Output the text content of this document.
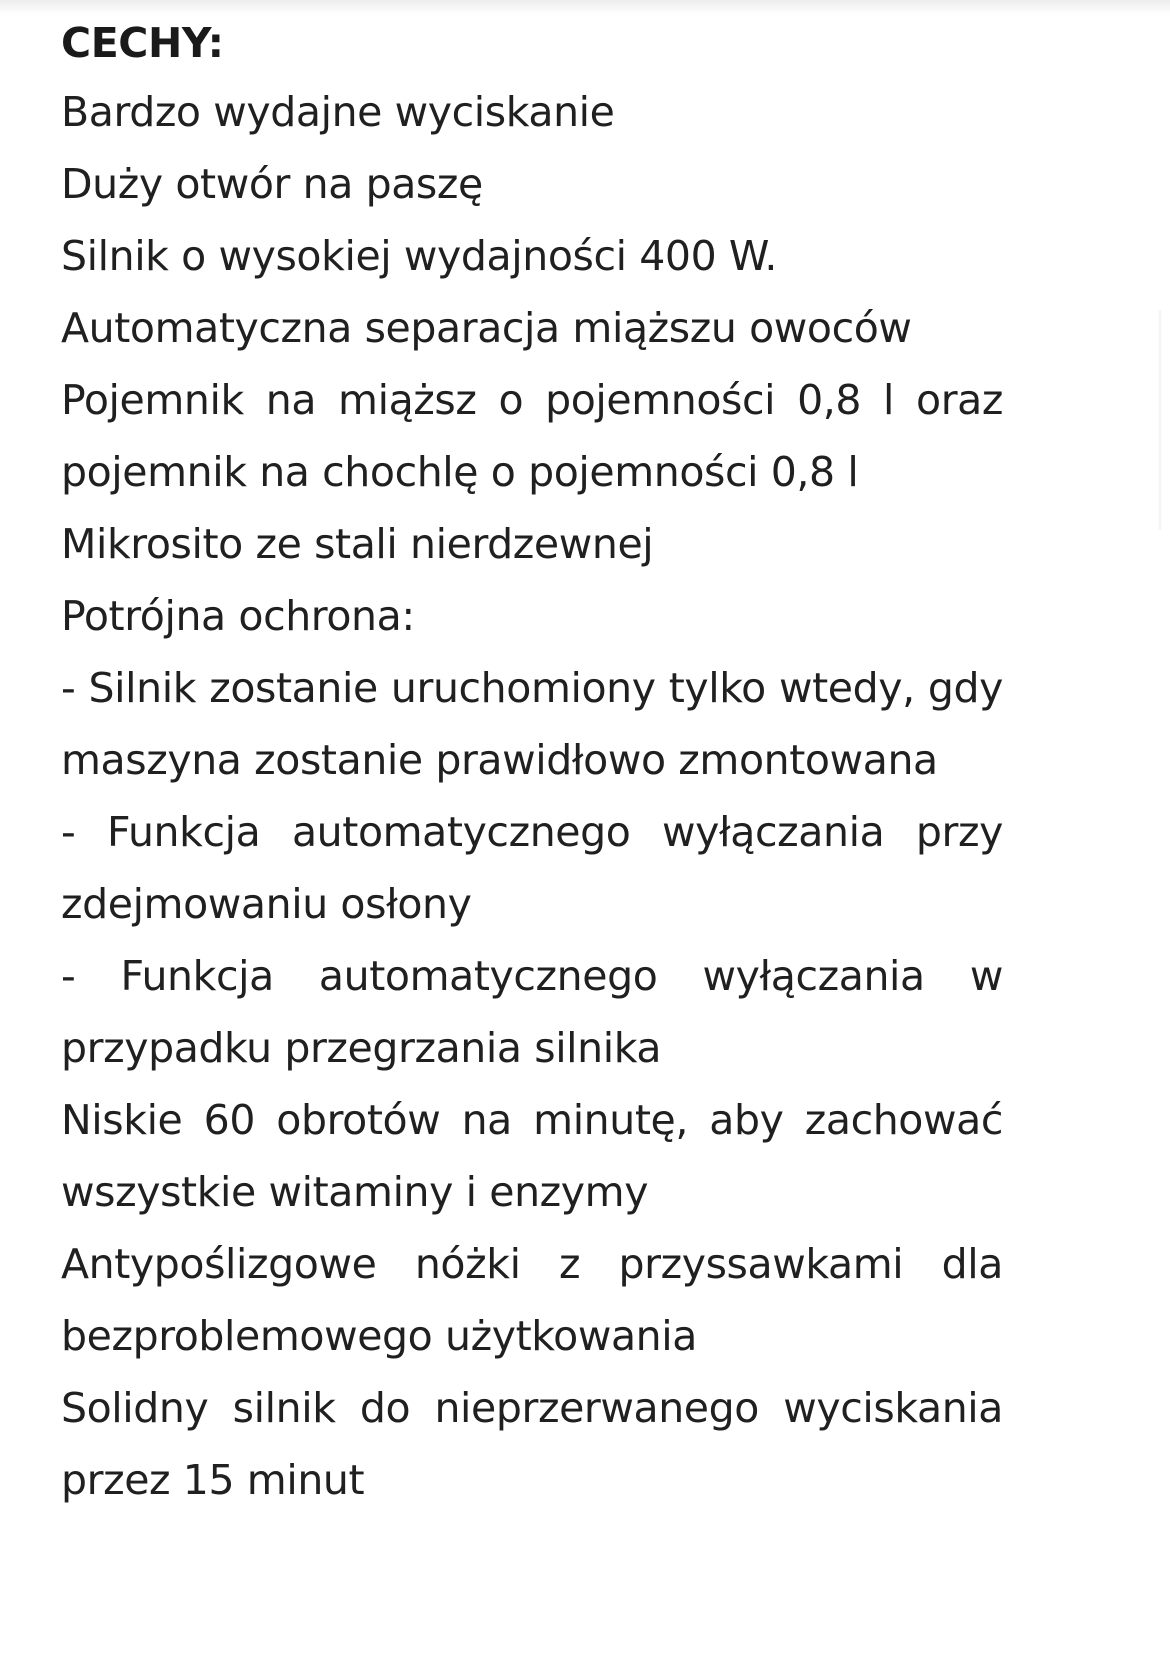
CECHY:

Bardzo wydajne wyciskanie

Duży otwór na paszę

Silnik o wysokiej wydajności 400 W.

Automatyczna separacja miąższu owoców

Pojemnik na miąższ o pojemności 0,8 l oraz pojemnik na chochlę o pojemności 0,8 l

Mikrosito ze stali nierdzewnej

Potrójna ochrona:

- Silnik zostanie uruchomiony tylko wtedy, gdy maszyna zostanie prawidłowo zmontowana

- Funkcja automatycznego wyłączania przy zdejmowaniu osłony

- Funkcja automatycznego wyłączania w przypadku przegrzania silnika

Niskie 60 obrotów na minutę, aby zachować wszystkie witaminy i enzymy

Antypoślizgowe nóżki z przyssawkami dla bezproblemowego użytkowania

Solidny silnik do nieprzerwanego wyciskania przez 15 minut
